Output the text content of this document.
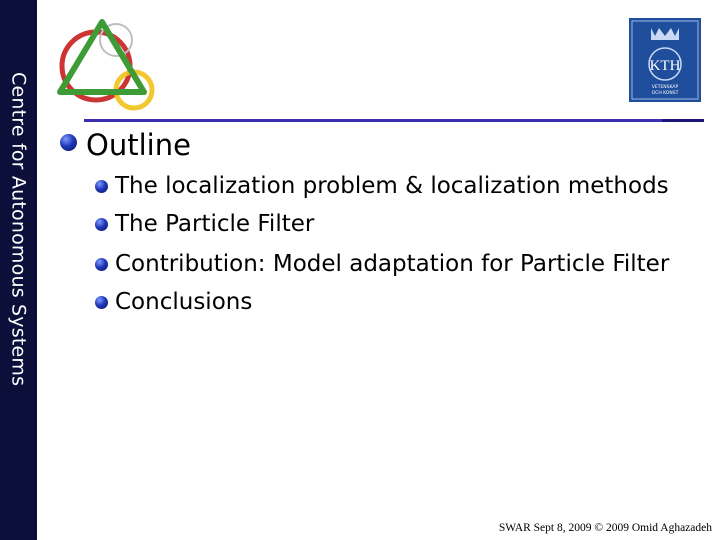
Centre for Autonomous Systems
KTH
VETENSKAP
OCH KONST
Outline
The localization problem & localization methods
The Particle Filter
Contribution: Model adaptation for Particle Filter
Conclusions
SWAR Sept 8, 2009 © 2009 Omid Aghazadeh
